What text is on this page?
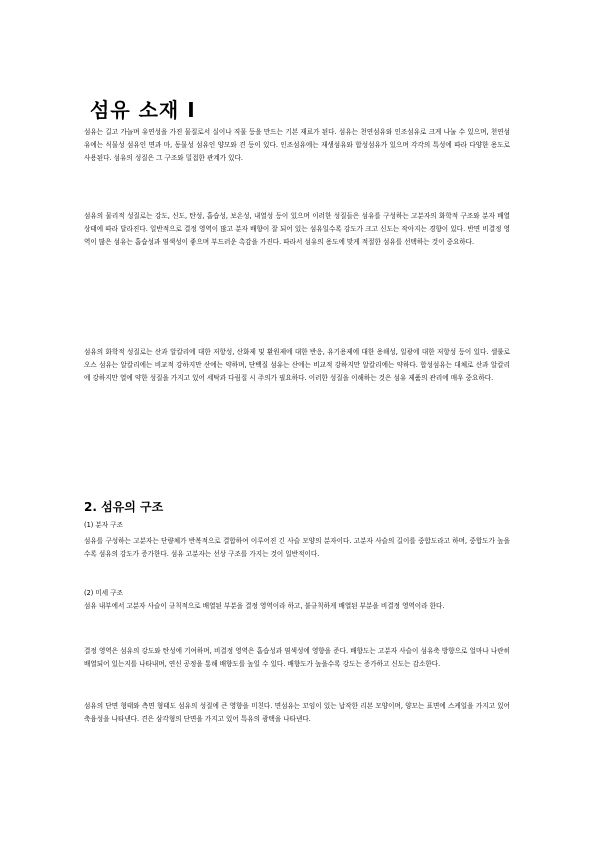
섬유 소재 I
섬유는 길고 가늘며 유연성을 가진 물질로서 실이나 직물 등을 만드는 기본 재료가 된다. 섬유는 천연섬유와 인조섬유로 크게 나눌 수 있으며, 천연섬유에는 식물성 섬유인 면과 마, 동물성 섬유인 양모와 견 등이 있다. 인조섬유에는 재생섬유와 합성섬유가 있으며 각각의 특성에 따라 다양한 용도로 사용된다. 섬유의 성질은 그 구조와 밀접한 관계가 있다.
섬유의 물리적 성질로는 강도, 신도, 탄성, 흡습성, 보온성, 내열성 등이 있으며 이러한 성질들은 섬유를 구성하는 고분자의 화학적 구조와 분자 배열 상태에 따라 달라진다. 일반적으로 결정 영역이 많고 분자 배향이 잘 되어 있는 섬유일수록 강도가 크고 신도는 작아지는 경향이 있다. 반면 비결정 영역이 많은 섬유는 흡습성과 염색성이 좋으며 부드러운 촉감을 가진다. 따라서 섬유의 용도에 맞게 적절한 섬유를 선택하는 것이 중요하다.
섬유의 화학적 성질로는 산과 알칼리에 대한 저항성, 산화제 및 환원제에 대한 반응, 유기용제에 대한 용해성, 일광에 대한 저항성 등이 있다. 셀룰로오스 섬유는 알칼리에는 비교적 강하지만 산에는 약하며, 단백질 섬유는 산에는 비교적 강하지만 알칼리에는 약하다. 합성섬유는 대체로 산과 알칼리에 강하지만 열에 약한 성질을 가지고 있어 세탁과 다림질 시 주의가 필요하다. 이러한 성질을 이해하는 것은 섬유 제품의 관리에 매우 중요하다.
2. 섬유의 구조
(1) 분자 구조
섬유를 구성하는 고분자는 단량체가 반복적으로 결합하여 이루어진 긴 사슬 모양의 분자이다. 고분자 사슬의 길이를 중합도라고 하며, 중합도가 높을수록 섬유의 강도가 증가한다. 섬유 고분자는 선상 구조를 가지는 것이 일반적이다.
(2) 미세 구조
섬유 내부에서 고분자 사슬이 규칙적으로 배열된 부분을 결정 영역이라 하고, 불규칙하게 배열된 부분을 비결정 영역이라 한다.
결정 영역은 섬유의 강도와 탄성에 기여하며, 비결정 영역은 흡습성과 염색성에 영향을 준다. 배향도는 고분자 사슬이 섬유축 방향으로 얼마나 나란히 배열되어 있는지를 나타내며, 연신 공정을 통해 배향도를 높일 수 있다. 배향도가 높을수록 강도는 증가하고 신도는 감소한다.
섬유의 단면 형태와 측면 형태도 섬유의 성질에 큰 영향을 미친다. 면섬유는 꼬임이 있는 납작한 리본 모양이며, 양모는 표면에 스케일을 가지고 있어 축융성을 나타낸다. 견은 삼각형의 단면을 가지고 있어 특유의 광택을 나타낸다.
